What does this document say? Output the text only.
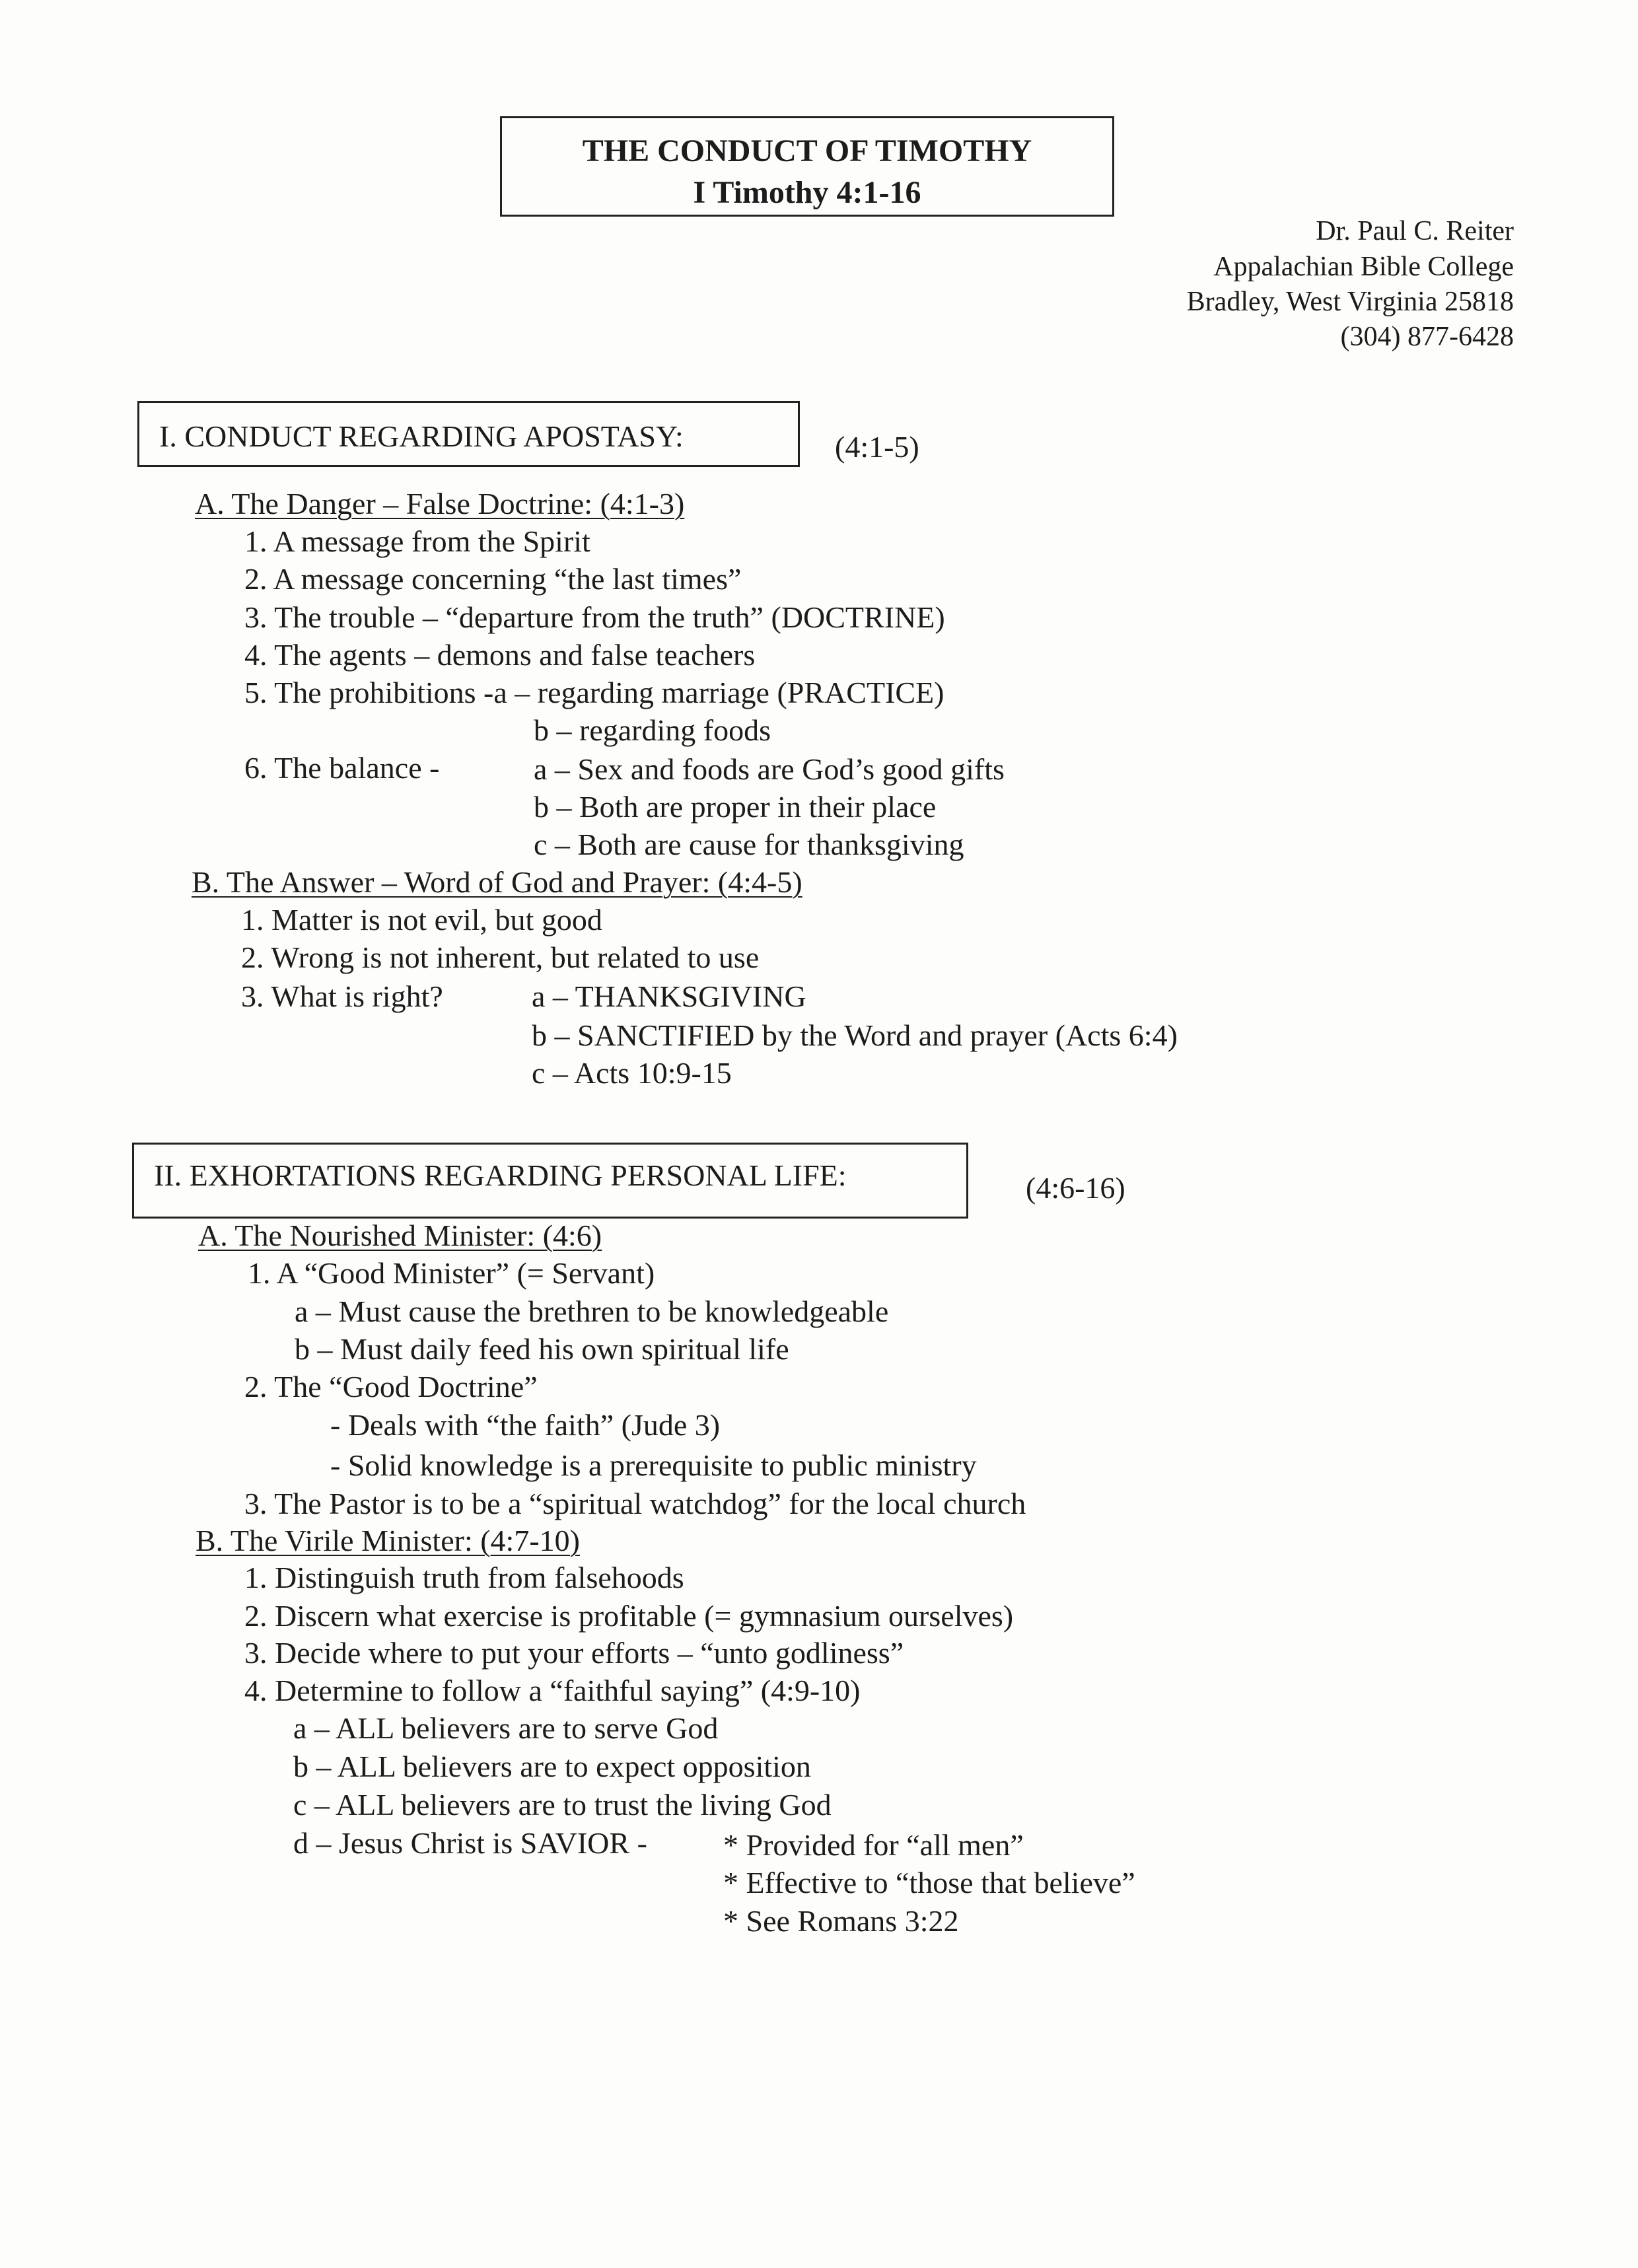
THE CONDUCT OF TIMOTHY
I Timothy 4:1-16
Dr. Paul C. Reiter
Appalachian Bible College
Bradley, West Virginia 25818
(304) 877-6428
I. CONDUCT REGARDING APOSTASY:	(4:1-5)
A. The Danger – False Doctrine: (4:1-3)
1. A message from the Spirit
2. A message concerning “the last times”
3. The trouble – “departure from the truth” (DOCTRINE)
4. The agents – demons and false teachers
5. The prohibitions -a – regarding marriage (PRACTICE)
b – regarding foods
6. The balance -	a – Sex and foods are God’s good gifts
b – Both are proper in their place
c – Both are cause for thanksgiving
B. The Answer – Word of God and Prayer: (4:4-5)
1. Matter is not evil, but good
2. Wrong is not inherent, but related to use
3. What is right?	a – THANKSGIVING
b – SANCTIFIED by the Word and prayer (Acts 6:4)
c – Acts 10:9-15
II. EXHORTATIONS REGARDING PERSONAL LIFE:	(4:6-16)
A. The Nourished Minister: (4:6)
1. A “Good Minister” (= Servant)
a – Must cause the brethren to be knowledgeable
b – Must daily feed his own spiritual life
2. The “Good Doctrine”
- Deals with “the faith” (Jude 3)
- Solid knowledge is a prerequisite to public ministry
3. The Pastor is to be a “spiritual watchdog” for the local church
B. The Virile Minister: (4:7-10)
1. Distinguish truth from falsehoods
2. Discern what exercise is profitable (= gymnasium ourselves)
3. Decide where to put your efforts – “unto godliness”
4. Determine to follow a “faithful saying” (4:9-10)
a – ALL believers are to serve God
b – ALL believers are to expect opposition
c – ALL believers are to trust the living God
d – Jesus Christ is SAVIOR -	* Provided for “all men”
* Effective to “those that believe”
* See Romans 3:22
